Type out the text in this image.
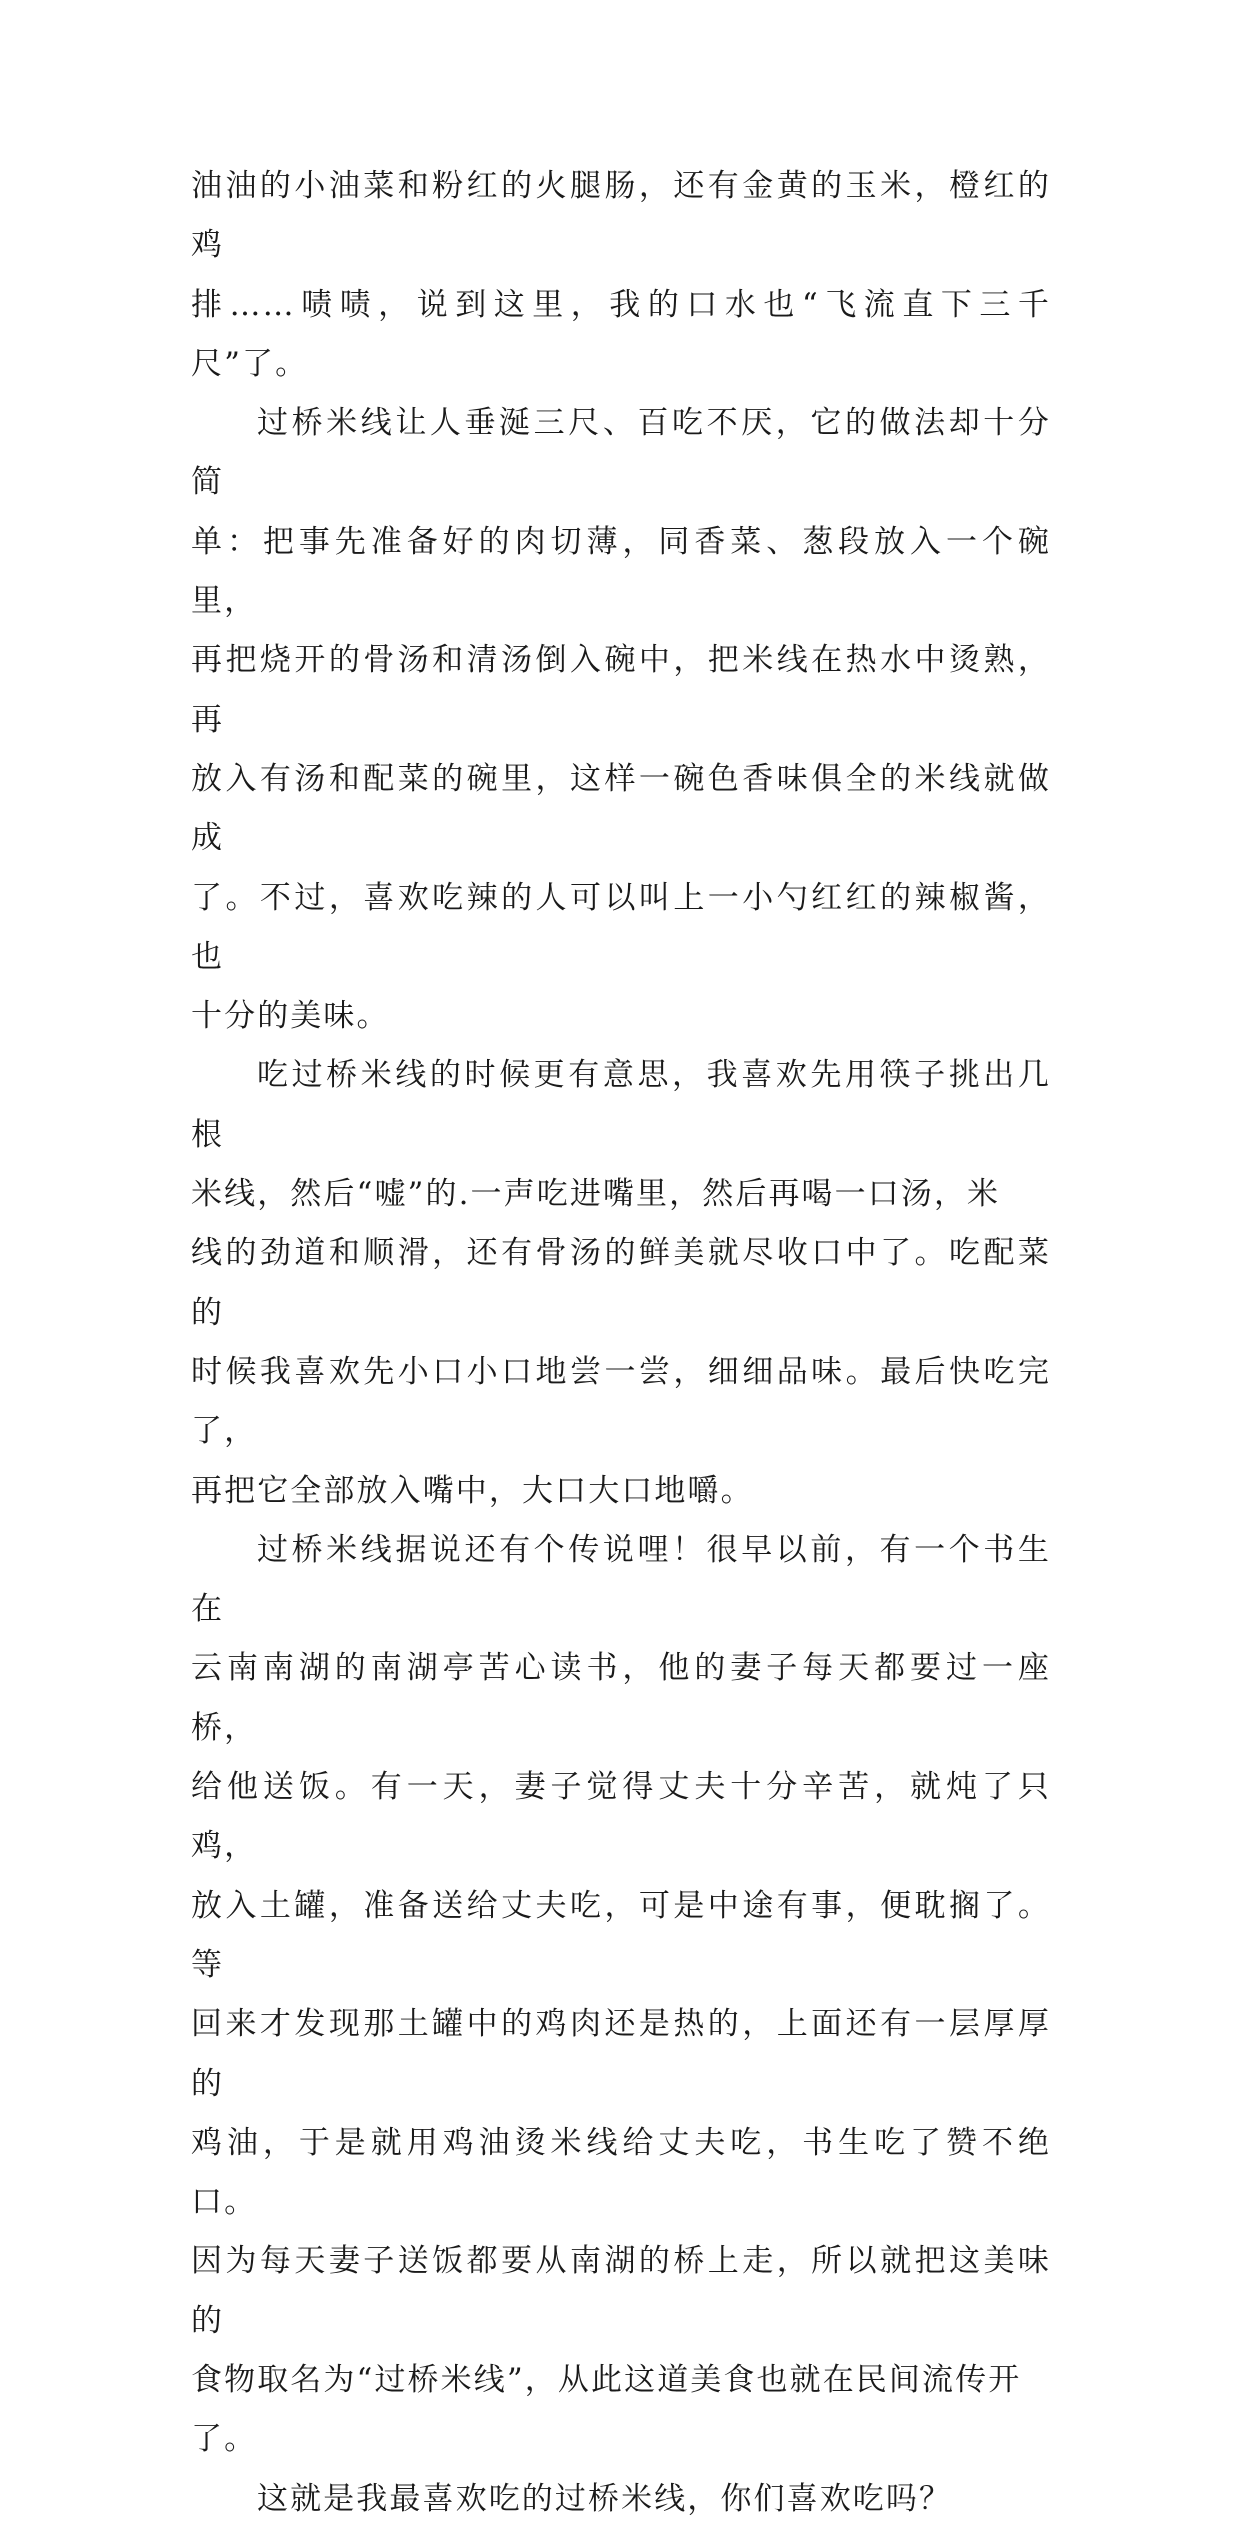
油油的小油菜和粉红的火腿肠，还有金黄的玉米，橙红的鸡
排……啧啧，说到这里，我的口水也“飞流直下三千尺”了。

过桥米线让人垂涎三尺、百吃不厌，它的做法却十分简
单：把事先准备好的肉切薄，同香菜、葱段放入一个碗里，
再把烧开的骨汤和清汤倒入碗中，把米线在热水中烫熟，再
放入有汤和配菜的碗里，这样一碗色香味俱全的米线就做成
了。不过，喜欢吃辣的人可以叫上一小勺红红的辣椒酱，也
十分的美味。

吃过桥米线的时候更有意思，我喜欢先用筷子挑出几根
米线，然后“嘘”的.一声吃进嘴里，然后再喝一口汤，米
线的劲道和顺滑，还有骨汤的鲜美就尽收口中了。吃配菜的
时候我喜欢先小口小口地尝一尝，细细品味。最后快吃完了，
再把它全部放入嘴中，大口大口地嚼。

过桥米线据说还有个传说哩！很早以前，有一个书生在
云南南湖的南湖亭苦心读书，他的妻子每天都要过一座桥，
给他送饭。有一天，妻子觉得丈夫十分辛苦，就炖了只鸡，
放入土罐，准备送给丈夫吃，可是中途有事，便耽搁了。等
回来才发现那土罐中的鸡肉还是热的，上面还有一层厚厚的
鸡油，于是就用鸡油烫米线给丈夫吃，书生吃了赞不绝口。
因为每天妻子送饭都要从南湖的桥上走，所以就把这美味的
食物取名为“过桥米线”，从此这道美食也就在民间流传开
了。

这就是我最喜欢吃的过桥米线，你们喜欢吃吗？
